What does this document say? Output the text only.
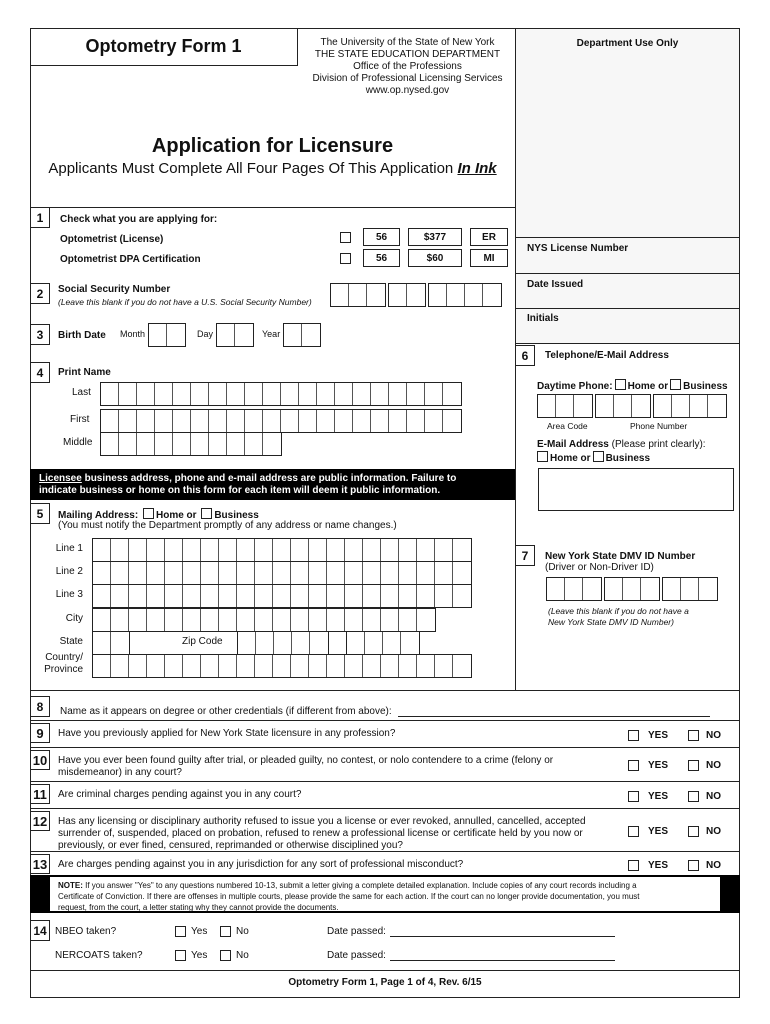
Optometry Form 1	The University of the State of New York
THE STATE EDUCATION DEPARTMENT
Office of the Professions
Division of Professional Licensing Services
www.op.nysed.gov
Department Use Only
Application for Licensure
Applicants Must Complete All Four Pages Of This Application In Ink
NYS License Number
Date Issued
Initials
1	Check what you are applying for:
Optometrist (License)	56	$377	ER
Optometrist DPA Certification	56	$60	MI
2	Social Security Number
(Leave this blank if you do not have a U.S. Social Security Number)
3	Birth Date Month	Day	Year
4	Print Name
Last
First
Middle
Licensee business address, phone and e-mail address are public information. Failure to
indicate business or home on this form for each item will deem it public information.
5	Mailing Address: Home or Business
(You must notify the Department promptly of any address or name changes.)
Line 1
Line 2
Line 3
City
State	Zip Code
Country/
Province
6	Telephone/E-Mail Address
Daytime Phone: Home or Business
Area Code	Phone Number
E-Mail Address (Please print clearly):
Home or Business
7	New York State DMV ID Number
(Driver or Non-Driver ID)
(Leave this blank if you do not have a
New York State DMV ID Number)
8	Name as it appears on degree or other credentials (if different from above):
9	Have you previously applied for New York State licensure in any profession?	YES	NO
10 Have you ever been found guilty after trial, or pleaded guilty, no contest, or nolo contendere to a crime (felony or
misdemeanor) in any court?
YES	NO
11	Are criminal charges pending against you in any court?	YES	NO
12 Has any licensing or disciplinary authority refused to issue you a license or ever revoked, annulled, cancelled, accepted
surrender of, suspended, placed on probation, refused to renew a professional license or certificate held by you now or
previously, or ever fined, censured, reprimanded or otherwise disciplined you?
YES	NO
13 Are charges pending against you in any jurisdiction for any sort of professional misconduct?	YES	NO
NOTE: If you answer "Yes" to any questions numbered 10-13, submit a letter giving a complete detailed explanation. Include copies of any court records including a
Certificate of Conviction. If there are offenses in multiple courts, please provide the same for each action. If the court can no longer provide documentation, you must
request, from the court, a letter stating why they cannot provide the documents.
14 NBEO taken?	Yes	No	Date passed:
NERCOATS taken?	Yes	No	Date passed:
Optometry Form 1, Page 1 of 4, Rev. 6/15
